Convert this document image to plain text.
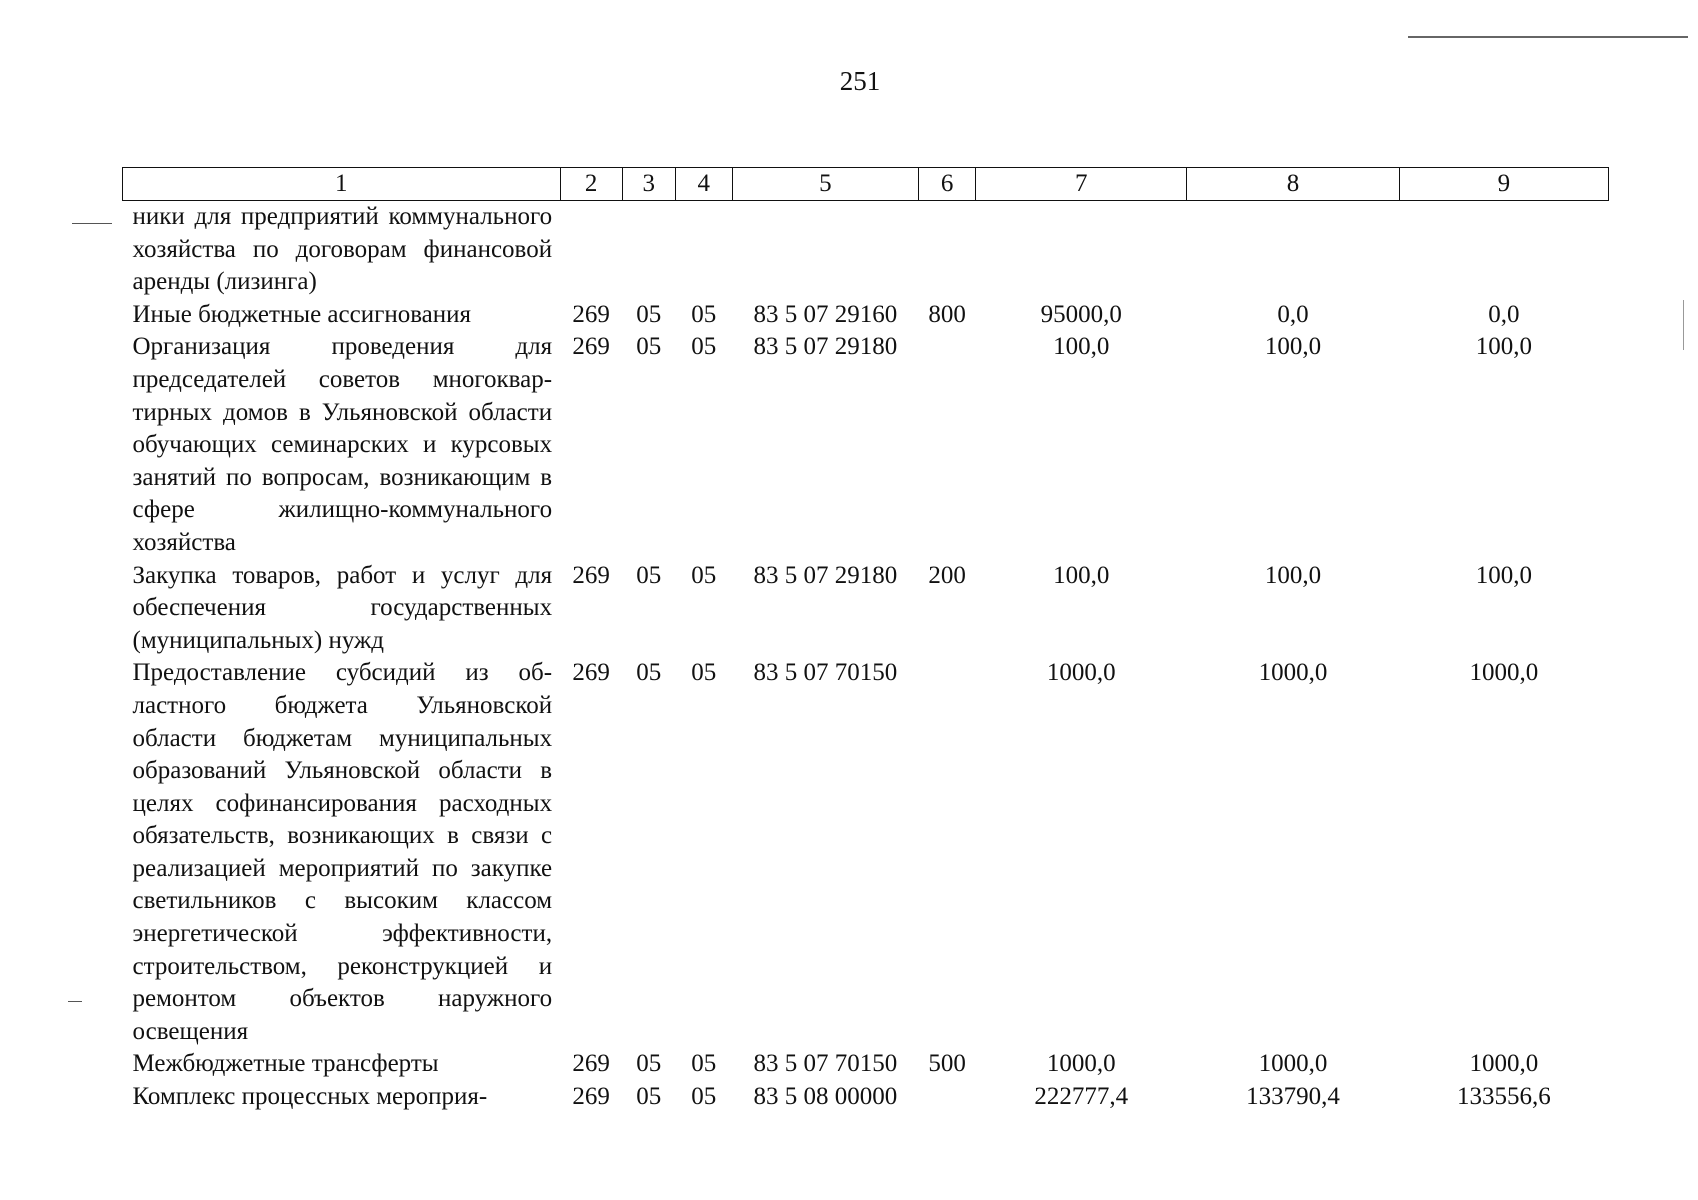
251
1	2	3	4	5	6	7	8	9
ники для предприятий коммунального хозяйства по договорам финансовой аренды (лизинга)								
Иные бюджетные ассигнования	269	05	05	83 5 07 29160	800	95000,0	0,0	0,0
Организация проведения для председателей советов многоквартирных домов в Ульяновской области обучающих семинарских и курсовых занятий по вопросам, возникающим в сфере жилищно-коммунального хозяйства	269	05	05	83 5 07 29180		100,0	100,0	100,0
Закупка товаров, работ и услуг для обеспечения государственных (муниципальных) нужд	269	05	05	83 5 07 29180	200	100,0	100,0	100,0
Предоставление субсидий из областного бюджета Ульяновской области бюджетам муниципальных образований Ульяновской области в целях софинансирования расходных обязательств, возникающих в связи с реализацией мероприятий по закупке светильников с высоким классом энергетической эффективности, строительством, реконструкцией и ремонтом объектов наружного освещения	269	05	05	83 5 07 70150		1000,0	1000,0	1000,0
Межбюджетные трансферты	269	05	05	83 5 07 70150	500	1000,0	1000,0	1000,0
Комплекс процессных мероприя-	269	05	05	83 5 08 00000		222777,4	133790,4	133556,6
